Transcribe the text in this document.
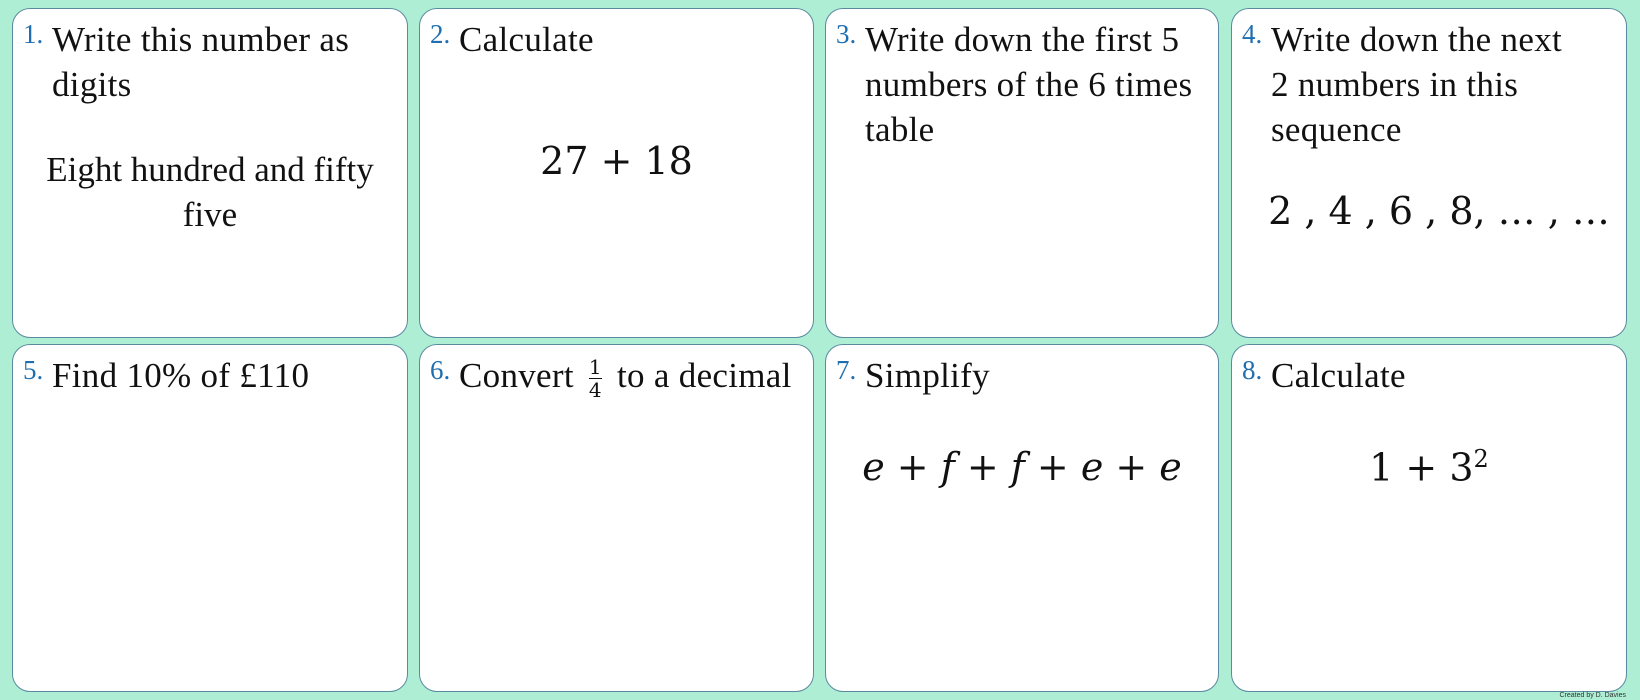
1. Write this number as digits
Eight hundred and fifty five
2. Calculate
27 + 18
3. Write down the first 5 numbers of the 6 times table
4. Write down the next 2 numbers in this sequence
2 , 4 , 6 , 8, … , …
5. Find 10% of £110	6. Convert $\frac{1}{4}$ to a decimal	7. Simplify
e + f + f + e + e
8. Calculate
$1 + 3^2$
Created by D. Davies
